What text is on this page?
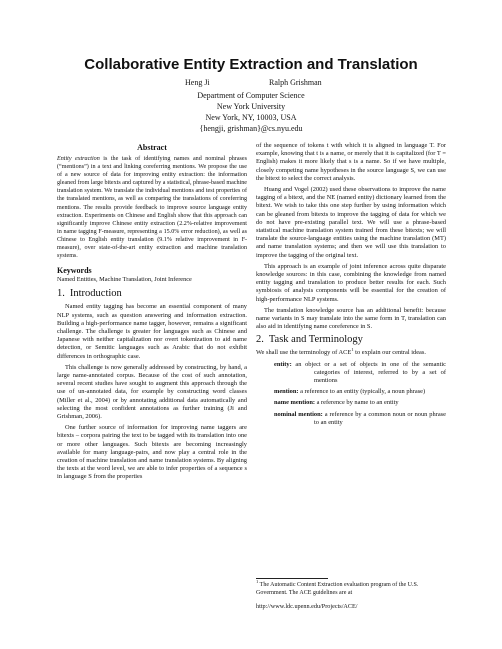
Collaborative Entity Extraction and Translation
Heng Ji	Ralph Grishman
Department of Computer Science
New York University
New York, NY, 10003, USA
{hengji, grishman}@cs.nyu.edu
Abstract
Entity extraction is the task of identifying names and nominal phrases (“mentions”) in a text and linking coreferring mentions. We propose the use of a new source of data for improving entity extraction: the information gleaned from large bitexts and captured by a statistical, phrase-based machine translation system. We translate the individual mentions and test properties of the translated mentions, as well as comparing the translations of coreferring mentions. The results provide feedback to improve source language entity extraction. Experiments on Chinese and English show that this approach can significantly improve Chinese entity extraction (2.2%-relative improvement in name tagging F-measure, representing a 15.0% error reduction), as well as Chinese to English entity translation (9.1% relative improvement in F-measure), over state-of-the-art entity extraction and machine translation systems.
Keywords
Named Entities, Machine Translation, Joint Inference
1. Introduction

Named entity tagging has become an essential component of many NLP systems, such as question answering and information extraction. Building a high-performance name tagger, however, remains a significant challenge. The challenge is greater for languages such as Chinese and Japanese with neither capitalization nor overt tokenization to aid name detection, or Semitic languages such as Arabic that do not exhibit differences in orthographic case.

This challenge is now generally addressed by constructing, by hand, a large name-annotated corpus. Because of the cost of such annotation, several recent studies have sought to augment this approach through the use of un-annotated data, for example by constructing word classes (Miller et al., 2004) or by annotating additional data automatically and selecting the most confident annotations as further training (Ji and Grishman, 2006).

One further source of information for improving name taggers are bitexts – corpora pairing the text to be tagged with its translation into one or more other languages. Such bitexts are becoming increasingly available for many language-pairs, and now play a central role in the creation of machine translation and name translation systems. By aligning the texts at the word level, we are able to infer properties of a sequence s in language S from the properties

of the sequence of tokens t with which it is aligned in language T. For example, knowing that t is a name, or merely that it is capitalized (for T = English) makes it more likely that s is a name. So if we have multiple, closely competing name hypotheses in the source language S, we can use the bitext to select the correct analysis.

Huang and Vogel (2002) used these observations to improve the name tagging of a bitext, and the NE (named entity) dictionary learned from the bitext. We wish to take this one step further by using information which can be gleaned from bitexts to improve the tagging of data for which we do not have pre-existing parallel text. We will use a phrase-based statistical machine translation system trained from these bitexts; we will translate the source-language entities using the machine translation (MT) and name translation systems; and then we will use this translation to improve the tagging of the original text.

This approach is an example of joint inference across quite disparate knowledge sources: in this case, combining the knowledge from named entity tagging and translation to produce better results for each. Such symbiosis of analysis components will be essential for the creation of high-performance NLP systems.

The translation knowledge source has an additional benefit: because name variants in S may translate into the same form in T, translation can also aid in identifying name coreference in S.

2. Task and Terminology

We shall use the terminology of ACE$^1$ to explain our central ideas.

entity: an object or a set of objects in one of the semantic categories of interest, referred to by a set of mentions
mention: a reference to an entity (typically, a noun phrase)
name mention: a reference by name to an entity
nominal mention: a reference by a common noun or noun phrase to an entity
$^1$ The Automatic Content Extraction evaluation program of the U.S. Government. The ACE guidelines are at
http://www.ldc.upenn.edu/Projects/ACE/
